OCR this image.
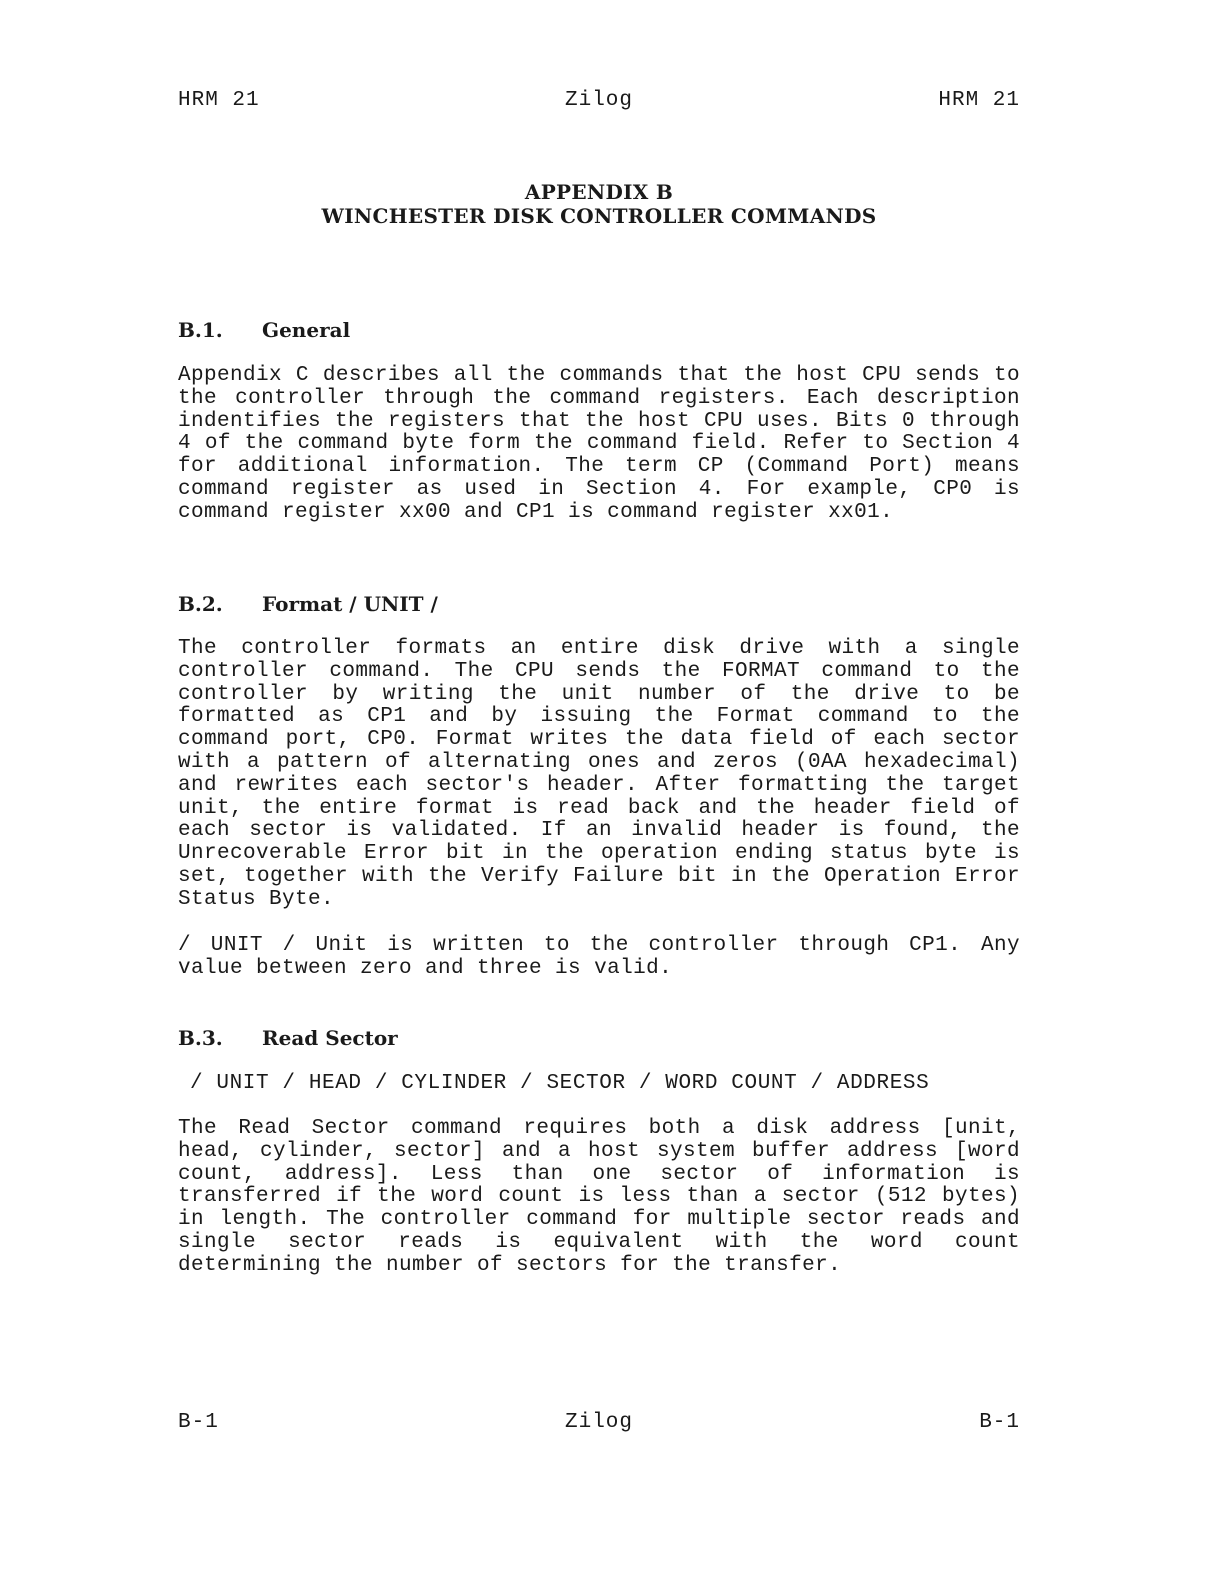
HRM 21	Zilog	HRM 21
APPENDIX B
WINCHESTER DISK CONTROLLER COMMANDS
B.1. General
Appendix C describes all the commands that the host CPU sends to the controller through the command registers. Each description indentifies the registers that the host CPU uses. Bits 0 through 4 of the command byte form the command field. Refer to Section 4 for additional information. The term CP (Command Port) means command register as used in Section 4. For example, CP0 is command register xx00 and CP1 is command register xx01.
B.2. Format / UNIT /
The controller formats an entire disk drive with a single controller command. The CPU sends the FORMAT command to the controller by writing the unit number of the drive to be formatted as CP1 and by issuing the Format command to the command port, CP0. Format writes the data field of each sector with a pattern of alternating ones and zeros (0AA hexadecimal) and rewrites each sector's header. After formatting the target unit, the entire format is read back and the header field of each sector is validated. If an invalid header is found, the Unrecoverable Error bit in the operation ending status byte is set, together with the Verify Failure bit in the Operation Error Status Byte.
/ UNIT / Unit is written to the controller through CP1. Any value between zero and three is valid.
B.3. Read Sector
/ UNIT / HEAD / CYLINDER / SECTOR / WORD COUNT / ADDRESS
The Read Sector command requires both a disk address [unit, head, cylinder, sector] and a host system buffer address [word count, address]. Less than one sector of information is transferred if the word count is less than a sector (512 bytes) in length. The controller command for multiple sector reads and single sector reads is equivalent with the word count determining the number of sectors for the transfer.
B-1	Zilog	B-1
